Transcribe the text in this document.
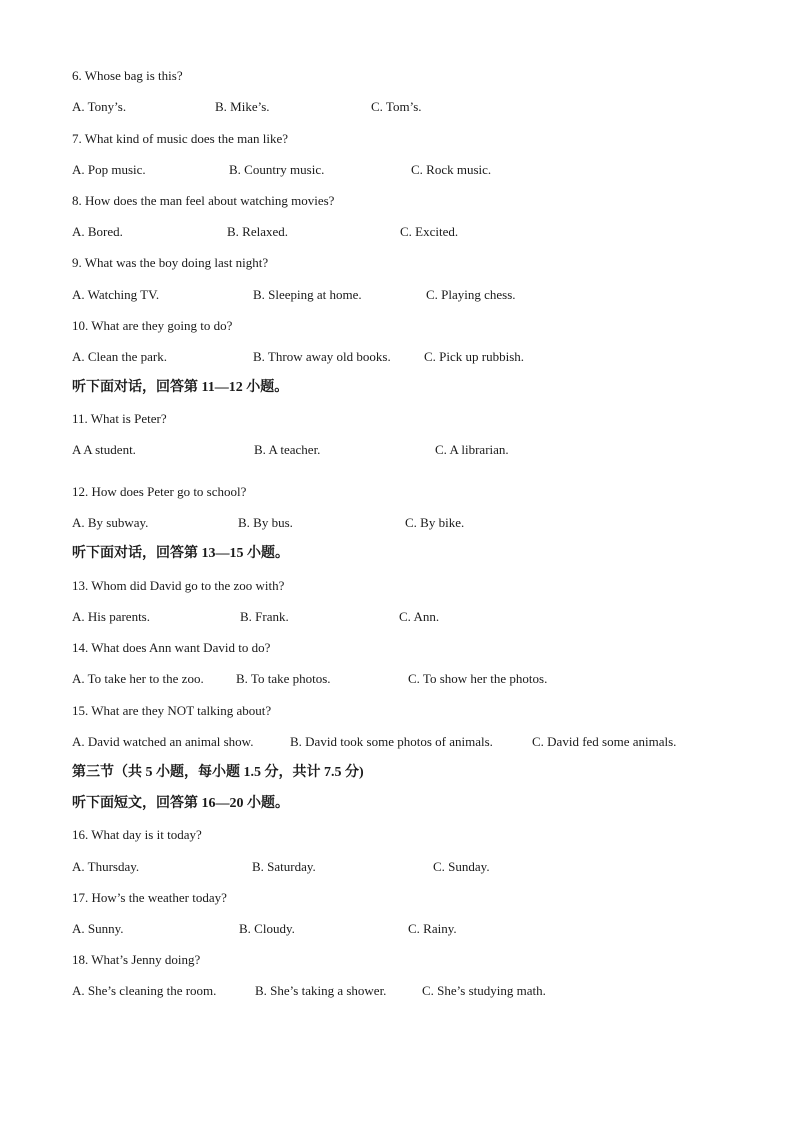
6. Whose bag is this?
A. Tony’s.	B. Mike’s.	C. Tom’s.
7. What kind of music does the man like?
A. Pop music.	B. Country music.	C. Rock music.
8. How does the man feel about watching movies?
A. Bored.	B. Relaxed.	C. Excited.
9. What was the boy doing last night?
A. Watching TV.	B. Sleeping at home.	C. Playing chess.
10. What are they going to do?
A. Clean the park.	B. Throw away old books.	C. Pick up rubbish.
听下面对话，回答第 11—12 小题。
11. What is Peter?
A A student.	B. A teacher.	C. A librarian.
12. How does Peter go to school?
A. By subway.	B. By bus.	C. By bike.
听下面对话，回答第 13—15 小题。
13. Whom did David go to the zoo with?
A. His parents.	B. Frank.	C. Ann.
14. What does Ann want David to do?
A. To take her to the zoo. B. To take photos.	C. To show her the photos.
15. What are they NOT talking about?
A. David watched an animal show.	B. David took some photos of animals.	C. David fed some animals.
第三节（共 5 小题，每小题 1.5 分，共计 7.5 分)
听下面短文，回答第 16—20 小题。
16. What day is it today?
A. Thursday.	B. Saturday.	C. Sunday.
17. How’s the weather today?
A. Sunny.	B. Cloudy.	C. Rainy.
18. What’s Jenny doing?
A. She’s cleaning the room.	B. She’s taking a shower.	C. She’s studying math.
